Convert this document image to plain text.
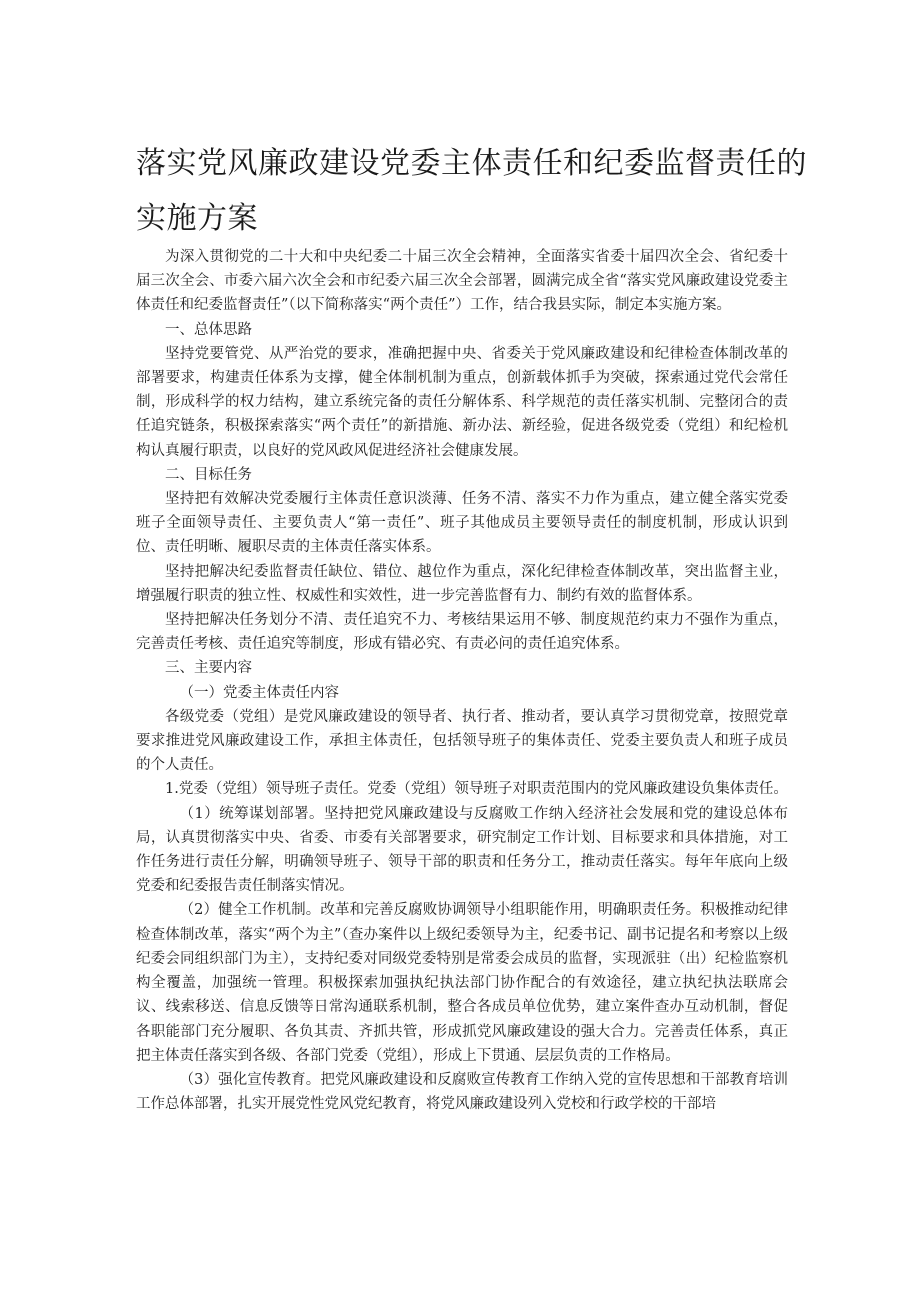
落实党风廉政建设党委主体责任和纪委监督责任的
实施方案

为深入贯彻党的二十大和中央纪委二十届三次全会精神，全面落实省委十届四次全会、省纪委十届三次全会、市委六届六次全会和市纪委六届三次全会部署，圆满完成全省“落实党风廉政建设党委主体责任和纪委监督责任”（以下简称落实“两个责任”）工作，结合我县实际，制定本实施方案。

一、总体思路

坚持党要管党、从严治党的要求，准确把握中央、省委关于党风廉政建设和纪律检查体制改革的部署要求，构建责任体系为支撑，健全体制机制为重点，创新载体抓手为突破，探索通过党代会常任制，形成科学的权力结构，建立系统完备的责任分解体系、科学规范的责任落实机制、完整闭合的责任追究链条，积极探索落实“两个责任”的新措施、新办法、新经验，促进各级党委（党组）和纪检机构认真履行职责，以良好的党风政风促进经济社会健康发展。

二、目标任务

坚持把有效解决党委履行主体责任意识淡薄、任务不清、落实不力作为重点，建立健全落实党委班子全面领导责任、主要负责人“第一责任”、班子其他成员主要领导责任的制度机制，形成认识到位、责任明晰、履职尽责的主体责任落实体系。

坚持把解决纪委监督责任缺位、错位、越位作为重点，深化纪律检查体制改革，突出监督主业，增强履行职责的独立性、权威性和实效性，进一步完善监督有力、制约有效的监督体系。

坚持把解决任务划分不清、责任追究不力、考核结果运用不够、制度规范约束力不强作为重点，完善责任考核、责任追究等制度，形成有错必究、有责必问的责任追究体系。

三、主要内容

（一）党委主体责任内容

各级党委（党组）是党风廉政建设的领导者、执行者、推动者，要认真学习贯彻党章，按照党章要求推进党风廉政建设工作，承担主体责任，包括领导班子的集体责任、党委主要负责人和班子成员的个人责任。

1.党委（党组）领导班子责任。党委（党组）领导班子对职责范围内的党风廉政建设负集体责任。

（1）统筹谋划部署。坚持把党风廉政建设与反腐败工作纳入经济社会发展和党的建设总体布局，认真贯彻落实中央、省委、市委有关部署要求，研究制定工作计划、目标要求和具体措施，对工作任务进行责任分解，明确领导班子、领导干部的职责和任务分工，推动责任落实。每年年底向上级党委和纪委报告责任制落实情况。

（2）健全工作机制。改革和完善反腐败协调领导小组职能作用，明确职责任务。积极推动纪律检查体制改革，落实“两个为主”（查办案件以上级纪委领导为主，纪委书记、副书记提名和考察以上级纪委会同组织部门为主），支持纪委对同级党委特别是常委会成员的监督，实现派驻（出）纪检监察机构全覆盖，加强统一管理。积极探索加强执纪执法部门协作配合的有效途径，建立执纪执法联席会议、线索移送、信息反馈等日常沟通联系机制，整合各成员单位优势，建立案件查办互动机制，督促各职能部门充分履职、各负其责、齐抓共管，形成抓党风廉政建设的强大合力。完善责任体系，真正把主体责任落实到各级、各部门党委（党组），形成上下贯通、层层负责的工作格局。

（3）强化宣传教育。把党风廉政建设和反腐败宣传教育工作纳入党的宣传思想和干部教育培训工作总体部署，扎实开展党性党风党纪教育，将党风廉政建设列入党校和行政学校的干部培
